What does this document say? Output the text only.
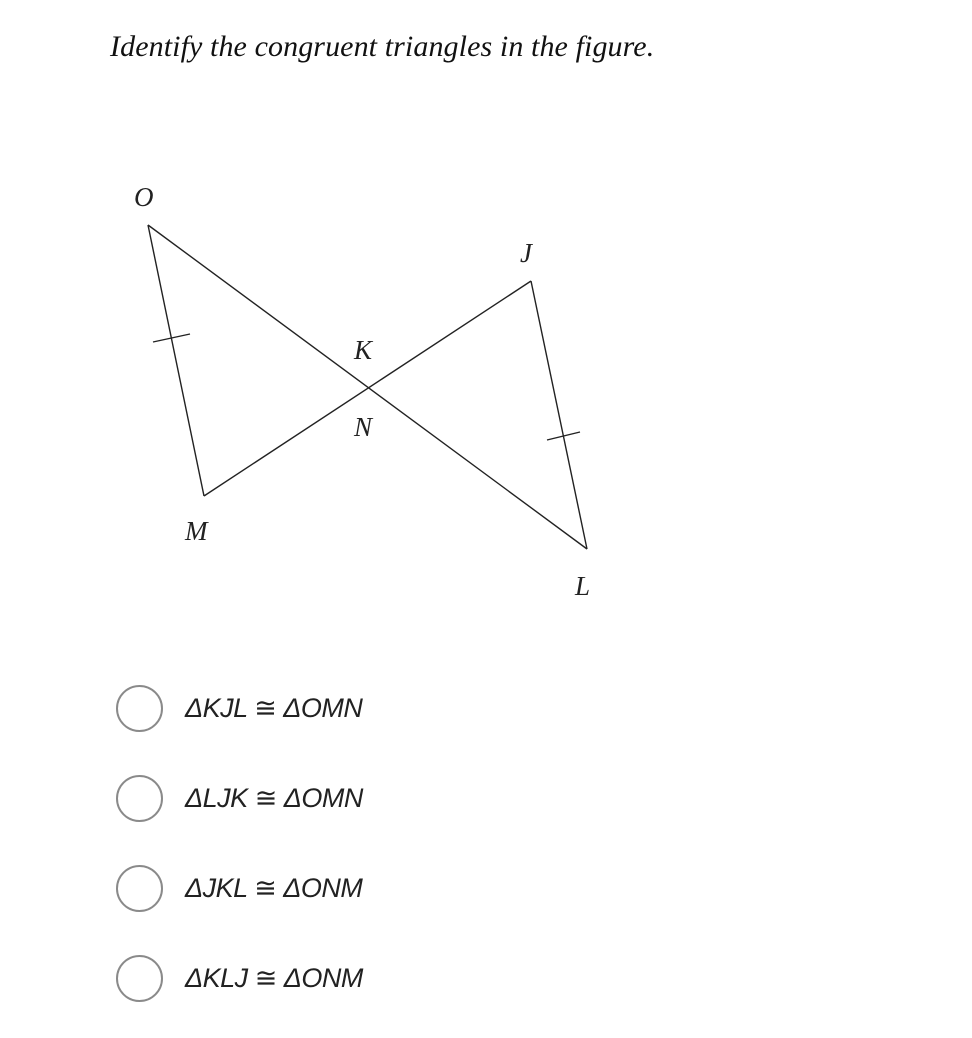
Identify the congruent triangles in the figure.
O
J
K
N
M
L
ΔKJL ≅ ΔOMN
ΔLJK ≅ ΔOMN
ΔJKL ≅ ΔONM
ΔKLJ ≅ ΔONM
